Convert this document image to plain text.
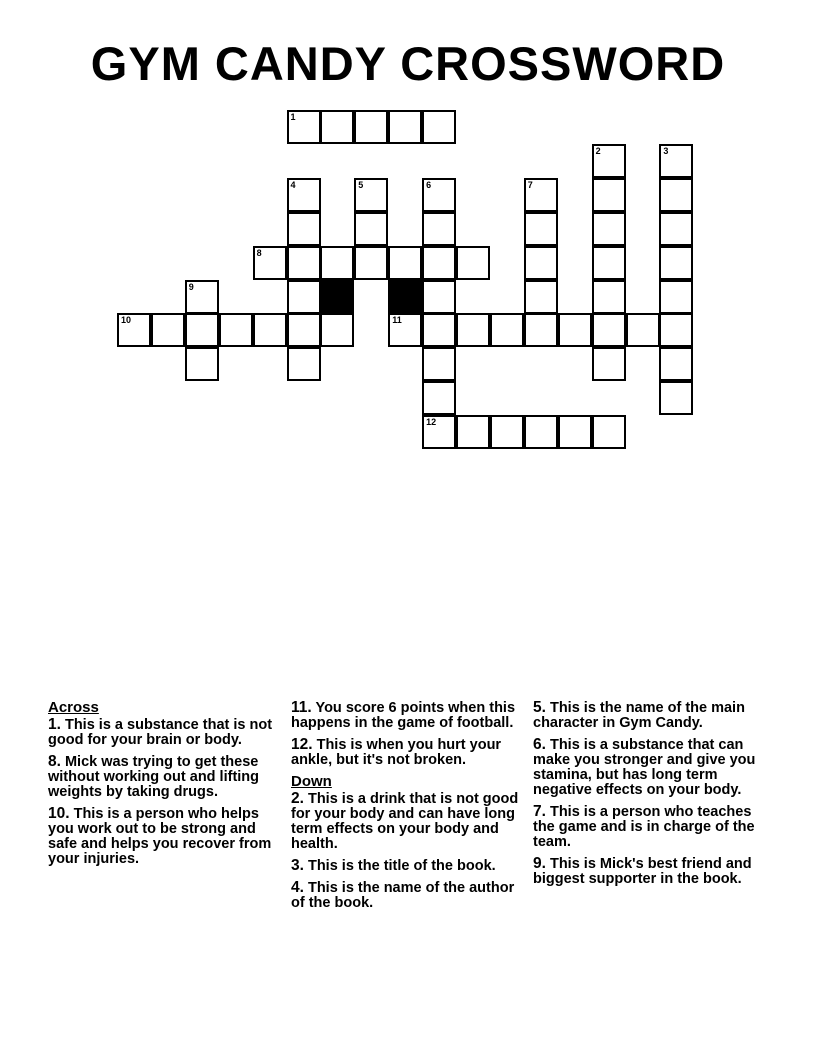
GYM CANDY CROSSWORD
1
2	3
4	5	6	7
8
9
10	11
12
Across
1. This is a substance that is not good for your brain or body.
8. Mick was trying to get these without working out and lifting weights by taking drugs.
10. This is a person who helps you work out to be strong and safe and helps you recover from your injuries.
11. You score 6 points when this happens in the game of football.
12. This is when you hurt your ankle, but it's not broken.
Down
2. This is a drink that is not good for your body and can have long term effects on your body and health.
3. This is the title of the book.
4. This is the name of the author of the book.
5. This is the name of the main character in Gym Candy.
6. This is a substance that can make you stronger and give you stamina, but has long term negative effects on your body.
7. This is a person who teaches the game and is in charge of the team.
9. This is Mick's best friend and biggest supporter in the book.
